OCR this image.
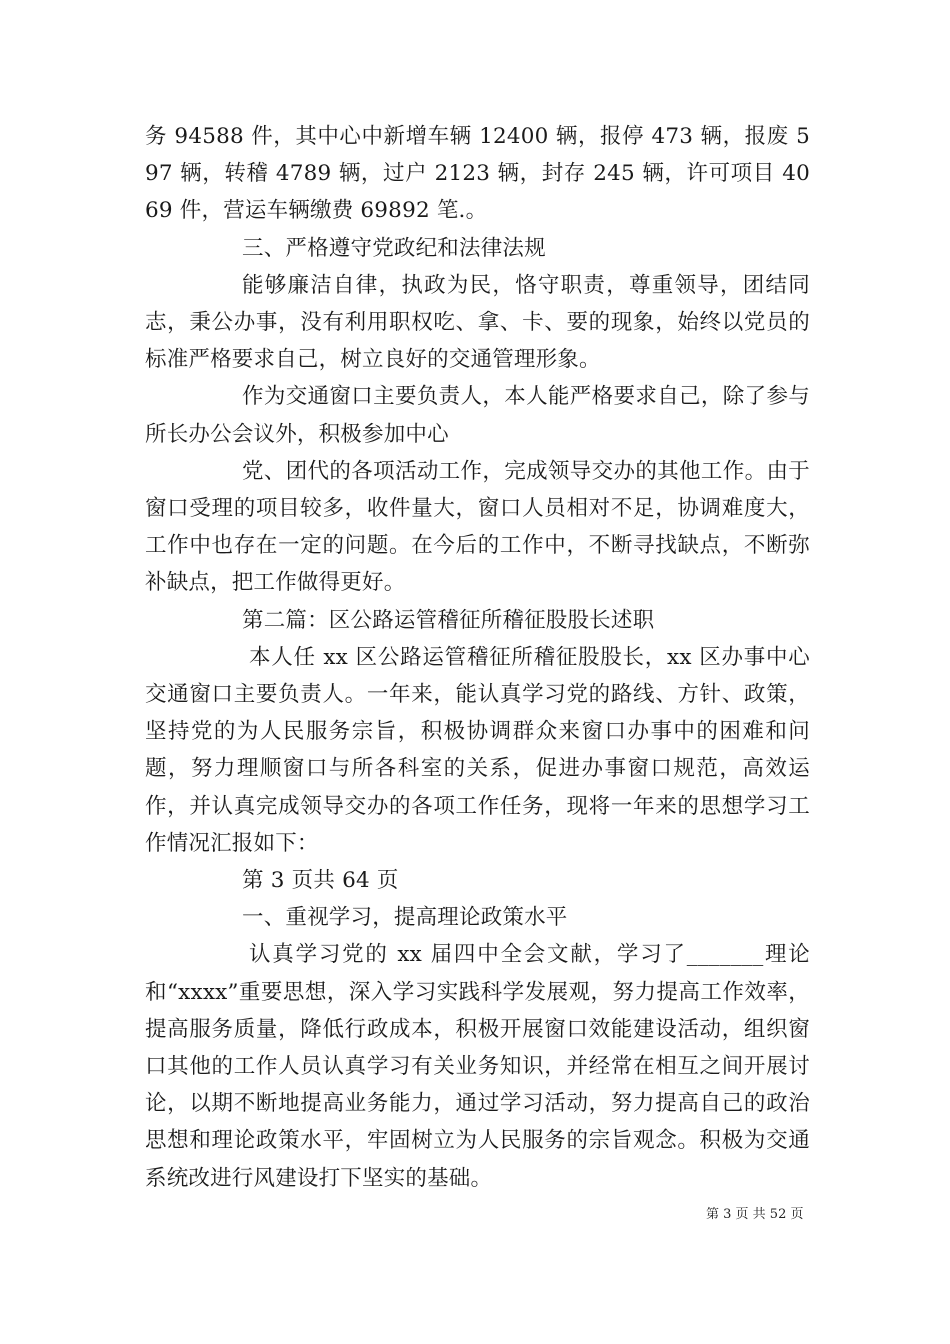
务 94588 件，其中心中新增车辆 12400 辆，报停 473 辆，报废 597 辆，转稽 4789 辆，过户 2123 辆，封存 245 辆，许可项目 4069 件，营运车辆缴费 69892 笔.。

三、严格遵守党政纪和法律法规

能够廉洁自律，执政为民，恪守职责，尊重领导，团结同志，秉公办事，没有利用职权吃、拿、卡、要的现象，始终以党员的标准严格要求自己，树立良好的交通管理形象。

作为交通窗口主要负责人，本人能严格要求自己，除了参与所长办公会议外，积极参加中心

党、团代的各项活动工作，完成领导交办的其他工作。由于窗口受理的项目较多，收件量大，窗口人员相对不足，协调难度大，工作中也存在一定的问题。在今后的工作中，不断寻找缺点，不断弥补缺点，把工作做得更好。

第二篇：区公路运管稽征所稽征股股长述职

本人任 xx 区公路运管稽征所稽征股股长，xx 区办事中心交通窗口主要负责人。一年来，能认真学习党的路线、方针、政策，坚持党的为人民服务宗旨，积极协调群众来窗口办事中的困难和问题，努力理顺窗口与所各科室的关系，促进办事窗口规范，高效运作，并认真完成领导交办的各项工作任务，现将一年来的思想学习工作情况汇报如下：

第 3 页共 64 页

一、重视学习，提高理论政策水平

认真学习党的 xx 届四中全会文献，学习了_______理论和“xxxx”重要思想，深入学习实践科学发展观，努力提高工作效率，提高服务质量，降低行政成本，积极开展窗口效能建设活动，组织窗口其他的工作人员认真学习有关业务知识，并经常在相互之间开展讨论，以期不断地提高业务能力，通过学习活动，努力提高自己的政治思想和理论政策水平，牢固树立为人民服务的宗旨观念。积极为交通系统改进行风建设打下坚实的基础。

第 3 页 共 52 页
